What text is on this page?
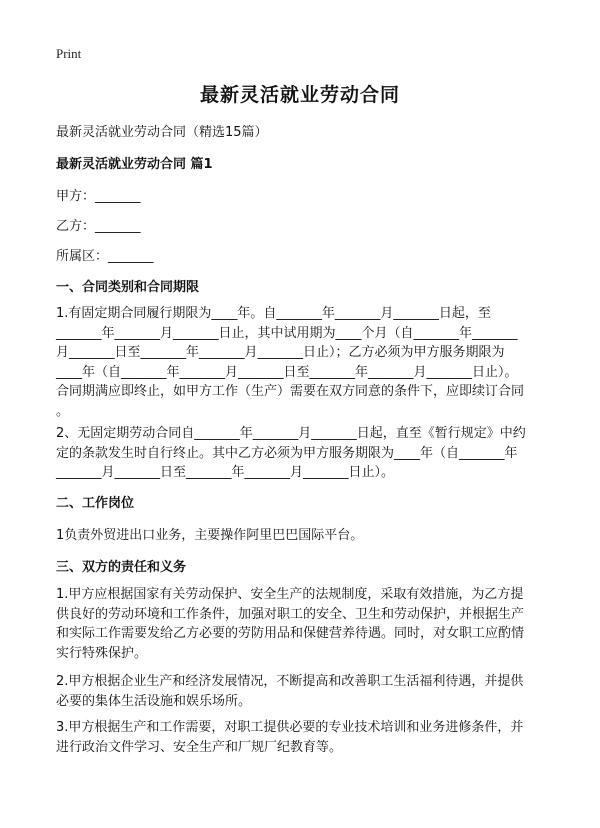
Print
最新灵活就业劳动合同
最新灵活就业劳动合同（精选15篇）
最新灵活就业劳动合同 篇1
甲方：_______
乙方：_______
所属区：_______
一、合同类别和合同期限
1.有固定期合同履行期限为____年。自_______年_______月_______日起，至
_______年_______月_______日止，其中试用期为____个月（自_______年_______
月_______日至_______年_______月_______日止）；乙方必须为甲方服务期限为
____年（自_______年_______月_______日至_______年_______月_______日止）。
合同期满应即终止，如甲方工作（生产）需要在双方同意的条件下，应即续订合同
。
2、无固定期劳动合同自_______年_______月_______日起，直至《暂行规定》中约
定的条款发生时自行终止。其中乙方必须为甲方服务期限为____年（自_______年
_______月_______日至_______年_______月_______日止）。
二、工作岗位
1负责外贸进出口业务，主要操作阿里巴巴国际平台。
三、双方的责任和义务
1.甲方应根据国家有关劳动保护、安全生产的法规制度，采取有效措施，为乙方提
供良好的劳动环境和工作条件，加强对职工的安全、卫生和劳动保护，并根据生产
和实际工作需要发给乙方必要的劳防用品和保健营养待遇。同时，对女职工应酌情
实行特殊保护。
2.甲方根据企业生产和经济发展情况，不断提高和改善职工生活福利待遇，并提供
必要的集体生活设施和娱乐场所。
3.甲方根据生产和工作需要，对职工提供必要的专业技术培训和业务进修条件，并
进行政治文件学习、安全生产和厂规厂纪教育等。
